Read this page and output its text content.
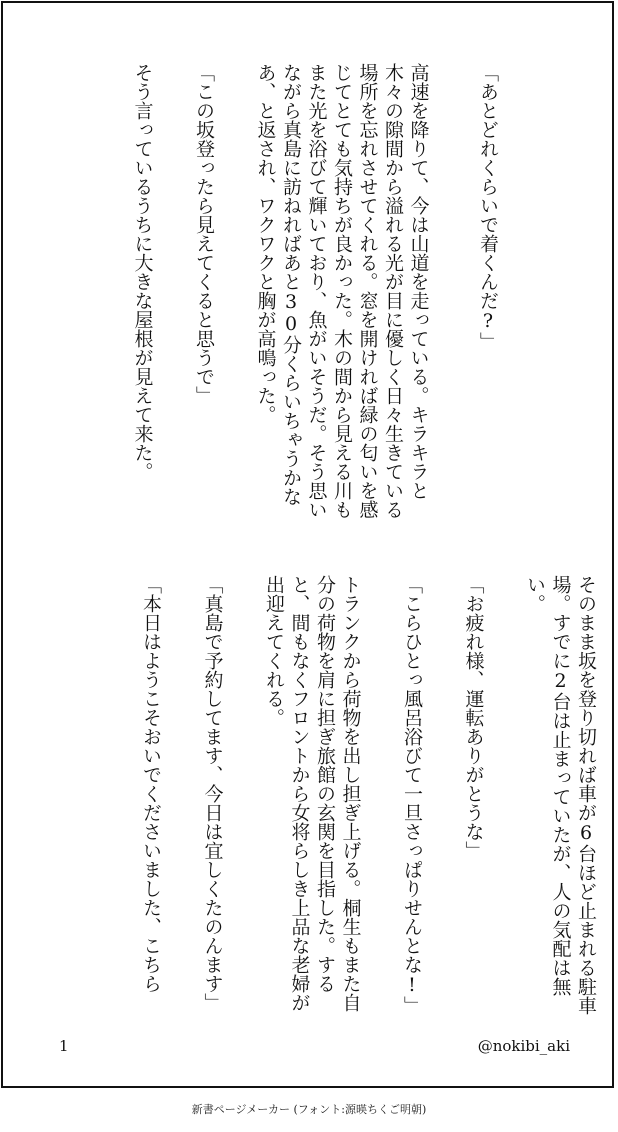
「あとどれくらいで着くんだ?」
高速を降りて、今は山道を走っている。キラキラと木々の隙間から溢れる光が目に優しく日々生きている場所を忘れさせてくれる。窓を開ければ緑の匂いを感じてとても気持ちが良かった。木の間から見える川もまた光を浴びて輝いており、魚がいそうだ。そう思いながら真島に訪ねればあと30分くらいちゃうかなあ、と返され、ワクワクと胸が高鳴った。
「この坂登ったら見えてくると思うで」
そう言っているうちに大きな屋根が見えて来た。
そのまま坂を登り切れば車が6台ほど止まれる駐車場。すでに2台は止まっていたが、人の気配は無い。
「お疲れ様、運転ありがとうな」
「こらひとっ風呂浴びて一旦さっぱりせんとな!」
トランクから荷物を出し担ぎ上げる。桐生もまた自分の荷物を肩に担ぎ旅館の玄関を目指した。すると、間もなくフロントから女将らしき上品な老婦が出迎えてくれる。
「真島で予約してます、今日は宜しくたのんます」
「本日はようこそおいでくださいました、こちら
1	@nokibi_aki
新書ページメーカー (フォント:源暎ちくご明朝)
